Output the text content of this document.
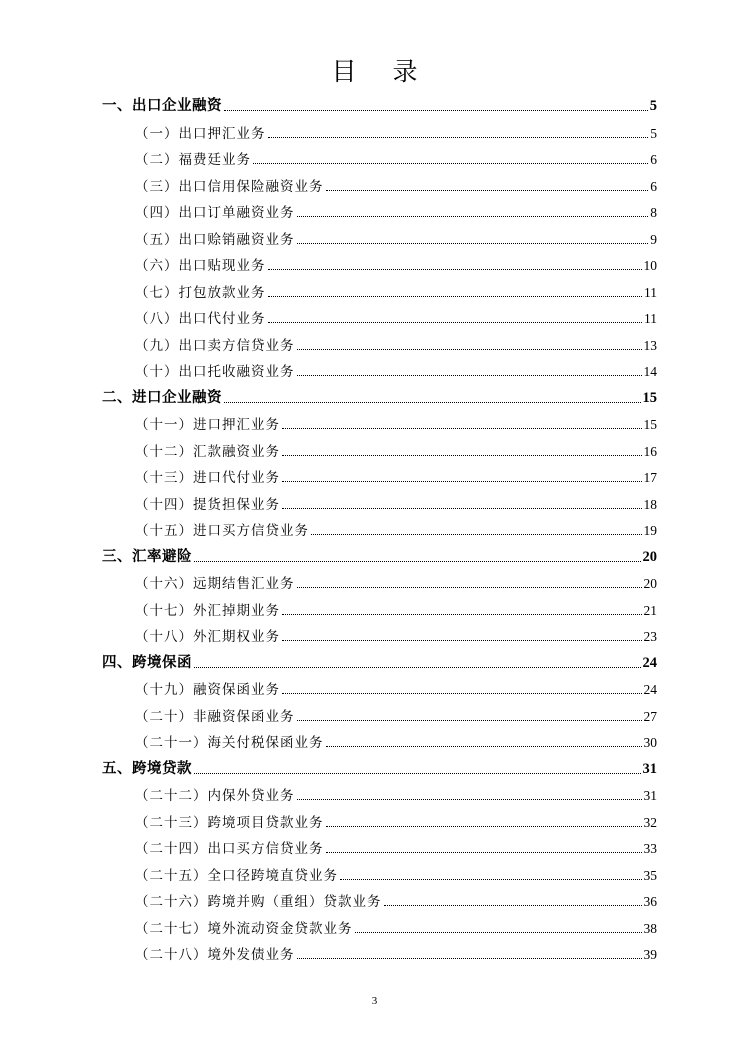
目 录
一、出口企业融资	5
（一）出口押汇业务	5
（二）福费廷业务	6
（三）出口信用保险融资业务	6
（四）出口订单融资业务	8
（五）出口赊销融资业务	9
（六）出口贴现业务	10
（七）打包放款业务	11
（八）出口代付业务	11
（九）出口卖方信贷业务	13
（十）出口托收融资业务	14
二、进口企业融资	15
（十一）进口押汇业务	15
（十二）汇款融资业务	16
（十三）进口代付业务	17
（十四）提货担保业务	18
（十五）进口买方信贷业务	19
三、汇率避险	20
（十六）远期结售汇业务	20
（十七）外汇掉期业务	21
（十八）外汇期权业务	23
四、跨境保函	24
（十九）融资保函业务	24
（二十）非融资保函业务	27
（二十一）海关付税保函业务	30
五、跨境贷款	31
（二十二）内保外贷业务	31
（二十三）跨境项目贷款业务	32
（二十四）出口买方信贷业务	33
（二十五）全口径跨境直贷业务	35
（二十六）跨境并购（重组）贷款业务	36
（二十七）境外流动资金贷款业务	38
（二十八）境外发债业务	39
3
